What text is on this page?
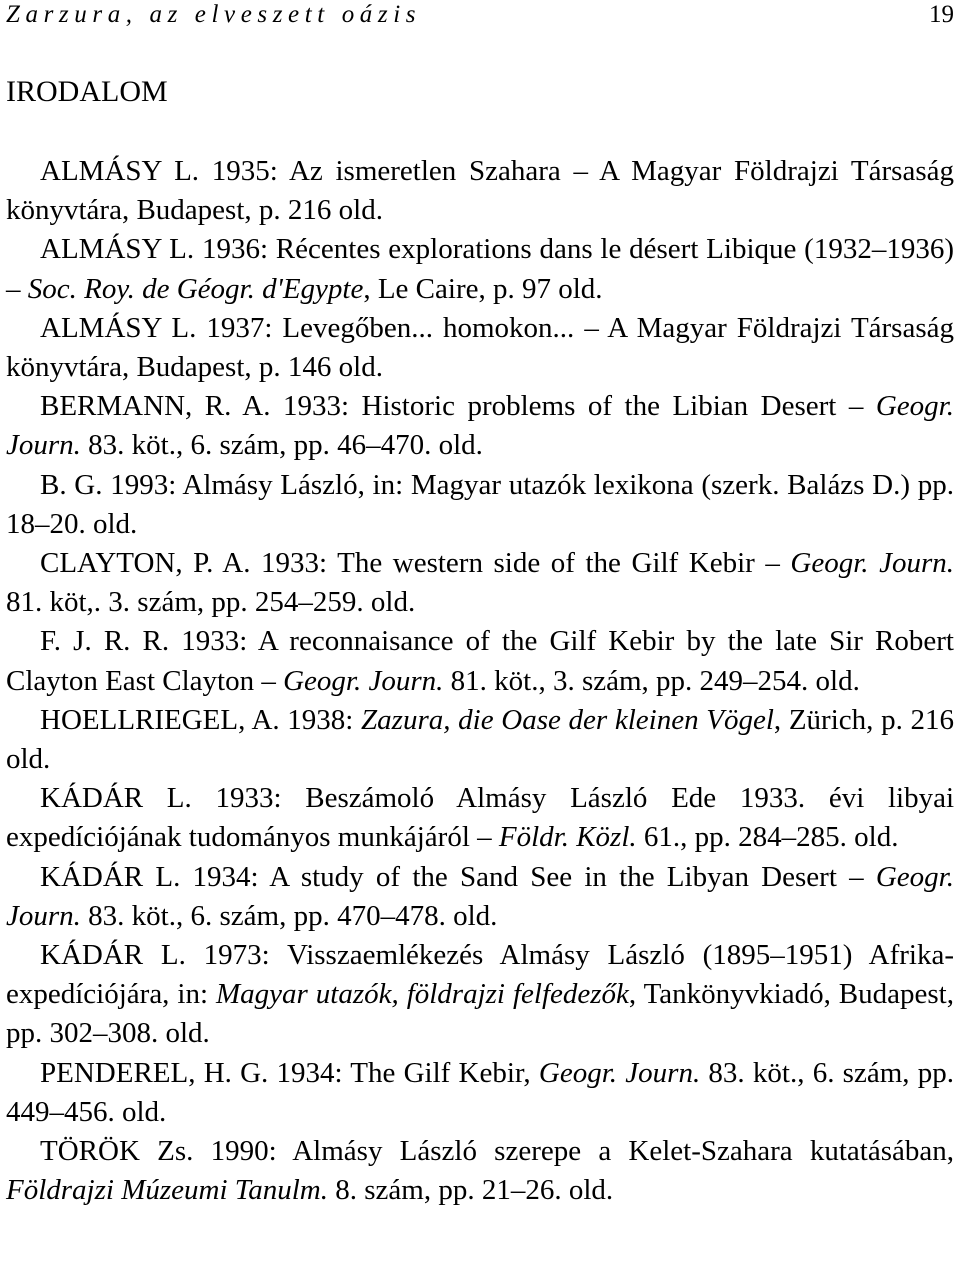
Zarzura, az elveszett oázis	19
IRODALOM

ALMÁSY L. 1935: Az ismeretlen Szahara – A Magyar Földrajzi Társaság könyvtára, Budapest, p. 216 old.

ALMÁSY L. 1936: Récentes explorations dans le désert Libique (1932–1936) – Soc. Roy. de Géogr. d'Egypte, Le Caire, p. 97 old.

ALMÁSY L. 1937: Levegőben... homokon... – A Magyar Földrajzi Társaság könyvtára, Budapest, p. 146 old.

BERMANN, R. A. 1933: Historic problems of the Libian Desert – Geogr. Journ. 83. köt., 6. szám, pp. 46–470. old.

B. G. 1993: Almásy László, in: Magyar utazók lexikona (szerk. Balázs D.) pp. 18–20. old.

CLAYTON, P. A. 1933: The western side of the Gilf Kebir – Geogr. Journ. 81. köt,. 3. szám, pp. 254–259. old.

F. J. R. R. 1933: A reconnaisance of the Gilf Kebir by the late Sir Robert Clayton East Clayton – Geogr. Journ. 81. köt., 3. szám, pp. 249–254. old.

HOELLRIEGEL, A. 1938: Zazura, die Oase der kleinen Vögel, Zürich, p. 216 old.

KÁDÁR L. 1933: Beszámoló Almásy László Ede 1933. évi libyai expedíciójának tudományos munkájáról – Földr. Közl. 61., pp. 284–285. old.

KÁDÁR L. 1934: A study of the Sand See in the Libyan Desert – Geogr. Journ. 83. köt., 6. szám, pp. 470–478. old.

KÁDÁR L. 1973: Visszaemlékezés Almásy László (1895–1951) Afrika-expedíciójára, in: Magyar utazók, földrajzi felfedezők, Tankönyvkiadó, Budapest, pp. 302–308. old.

PENDEREL, H. G. 1934: The Gilf Kebir, Geogr. Journ. 83. köt., 6. szám, pp. 449–456. old.

TÖRÖK Zs. 1990: Almásy László szerepe a Kelet-Szahara kutatásában, Földrajzi Múzeumi Tanulm. 8. szám, pp. 21–26. old.
